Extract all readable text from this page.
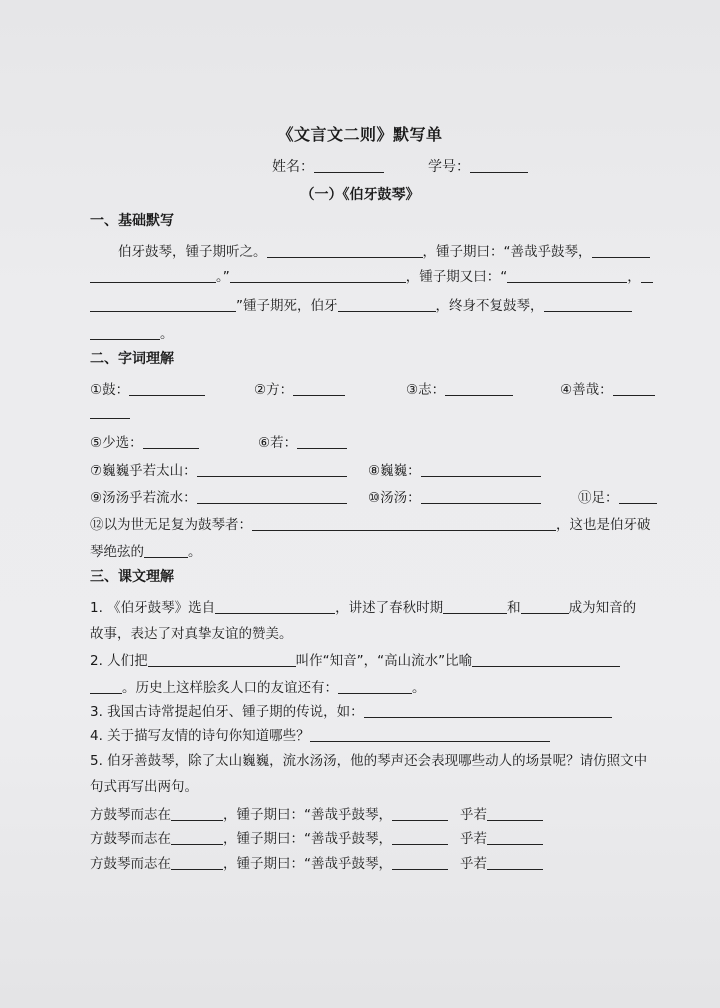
《文言文二则》默写单
姓名：	学号：
（一）《伯牙鼓琴》
一、基础默写
伯牙鼓琴，锺子期听之。	，锺子期曰：“善哉乎鼓琴，
。”	，锺子期又曰：“	，
”锺子期死，伯牙	，终身不复鼓琴，
。
二、字词理解
①鼓：	②方：	③志：	④善哉：
⑤少选：	⑥若：
⑦巍巍乎若太山：	⑧巍巍：
⑨汤汤乎若流水：	⑩汤汤：	⑪足：
⑫以为世无足复为鼓琴者：	，这也是伯牙破
琴绝弦的	。
三、课文理解
1. 《伯牙鼓琴》选自	，讲述了春秋时期	和	成为知音的
故事，表达了对真挚友谊的赞美。
2. 人们把	叫作“知音”，“高山流水”比喻
。历史上这样脍炙人口的友谊还有：	。
3. 我国古诗常提起伯牙、锺子期的传说，如：
4. 关于描写友情的诗句你知道哪些？
5. 伯牙善鼓琴，除了太山巍巍，流水汤汤，他的琴声还会表现哪些动人的场景呢？请仿照文中
句式再写出两句。
方鼓琴而志在	，锺子期曰：“善哉乎鼓琴，	乎若
方鼓琴而志在	，锺子期曰：“善哉乎鼓琴，	乎若
方鼓琴而志在	，锺子期曰：“善哉乎鼓琴，	乎若
